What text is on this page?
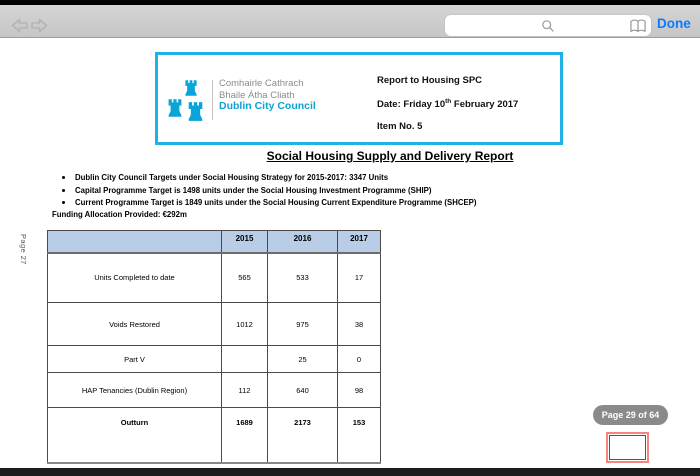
Done
Comhairle Cathrach
Bhaile Átha Cliath
Dublin City Council
Report to Housing SPC
Date: Friday 10th February 2017
Item No. 5
Social Housing Supply and Delivery Report
Dublin City Council Targets under Social Housing Strategy for 2015-2017: 3347 Units
Capital Programme Target is 1498 units under the Social Housing Investment Programme (SHIP)
Current Programme Target is 1849 units under the Social Housing Current Expenditure Programme (SHCEP)
Funding Allocation Provided: €292m
Page 27
		2015	2016	2017
Units Completed to date	565	533	17
Voids Restored	1012	975	38
Part V		25	0
HAP Tenancies (Dublin Region)	112	640	98
Outturn	1689	2173	153
Page 29 of 64
